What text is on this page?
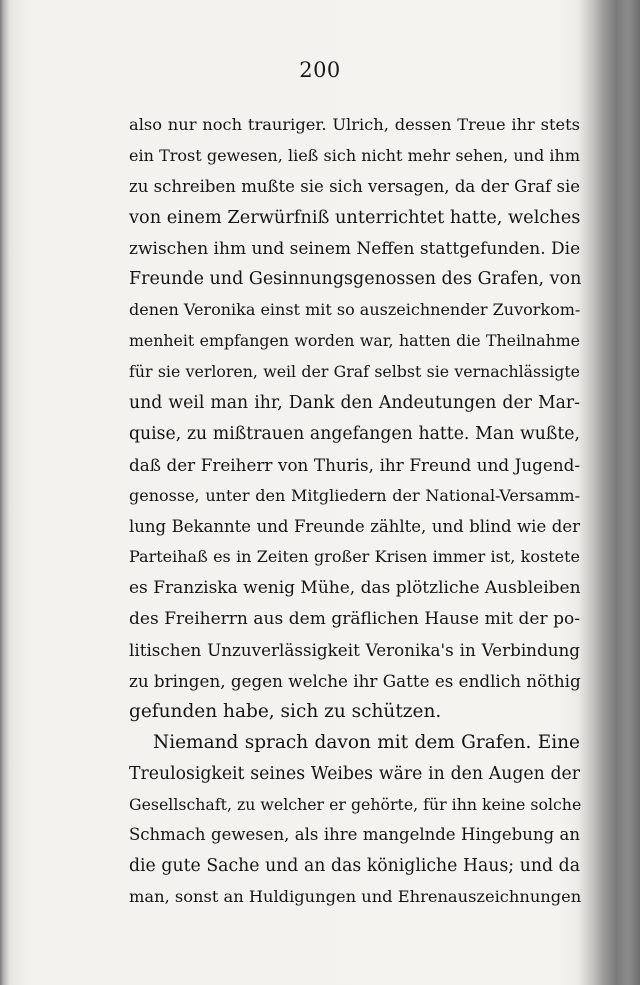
200
also nur noch trauriger. Ulrich, dessen Treue ihr stets
ein Trost gewesen, ließ sich nicht mehr sehen, und ihm
zu schreiben mußte sie sich versagen, da der Graf sie
von einem Zerwürfniß unterrichtet hatte, welches
zwischen ihm und seinem Neffen stattgefunden. Die
Freunde und Gesinnungsgenossen des Grafen, von
denen Veronika einst mit so auszeichnender Zuvorkom-
menheit empfangen worden war, hatten die Theilnahme
für sie verloren, weil der Graf selbst sie vernachlässigte
und weil man ihr, Dank den Andeutungen der Mar-
quise, zu mißtrauen angefangen hatte. Man wußte,
daß der Freiherr von Thuris, ihr Freund und Jugend-
genosse, unter den Mitgliedern der National-Versamm-
lung Bekannte und Freunde zählte, und blind wie der
Parteihaß es in Zeiten großer Krisen immer ist, kostete
es Franziska wenig Mühe, das plötzliche Ausbleiben
des Freiherrn aus dem gräflichen Hause mit der po-
litischen Unzuverlässigkeit Veronika's in Verbindung
zu bringen, gegen welche ihr Gatte es endlich nöthig
gefunden habe, sich zu schützen.
Niemand sprach davon mit dem Grafen. Eine
Treulosigkeit seines Weibes wäre in den Augen der
Gesellschaft, zu welcher er gehörte, für ihn keine solche
Schmach gewesen, als ihre mangelnde Hingebung an
die gute Sache und an das königliche Haus; und da
man, sonst an Huldigungen und Ehrenauszeichnungen
